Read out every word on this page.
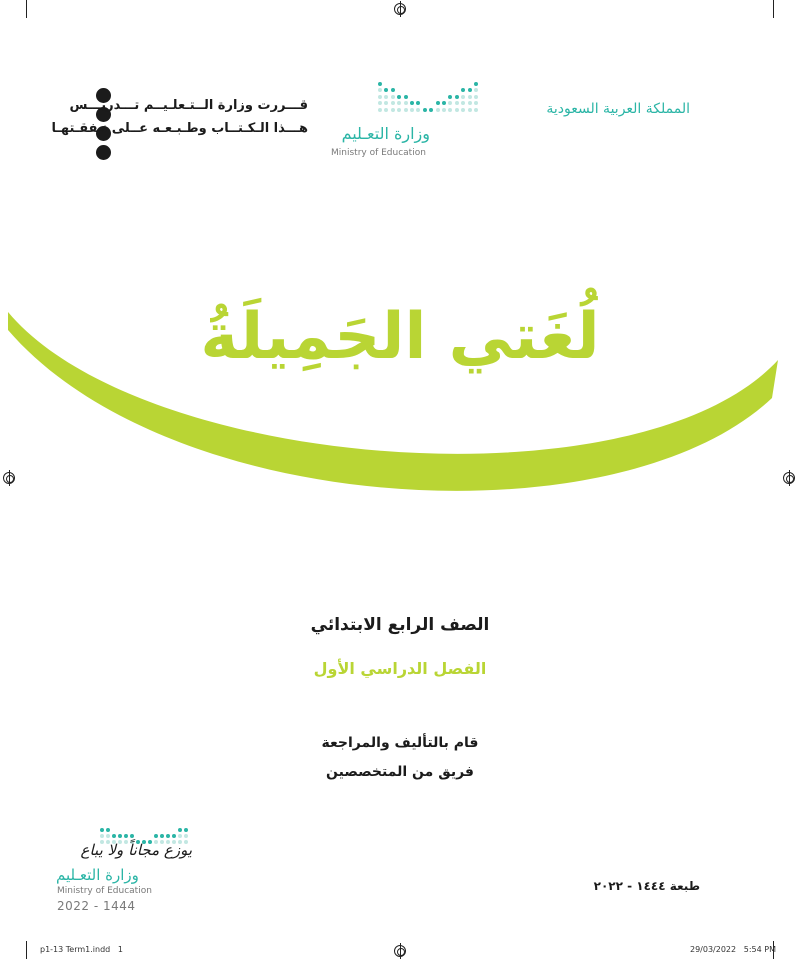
قـــررت وزارة الــتـعلـيــم تـــدريـــس
هـــذا الـكـتــاب وطـبـعـه عــلى نـفقـتهـا	وزارة التعـليم
Ministry of Education
المملكة العربية السعودية
لُغَتي الجَمِيلَةُ
الصف الرابع الابتدائي
الفصل الدراسي الأول
قام بالتأليف والمراجعة
فريق من المتخصصين
يوزع مجاناً ولا يباع
وزارة التعـليم
Ministry of Education
2022 - 1444
طبعة ١٤٤٤ - ٢٠٢٢
p1-13 Term1.indd   1	29/03/2022   5:54 PM
